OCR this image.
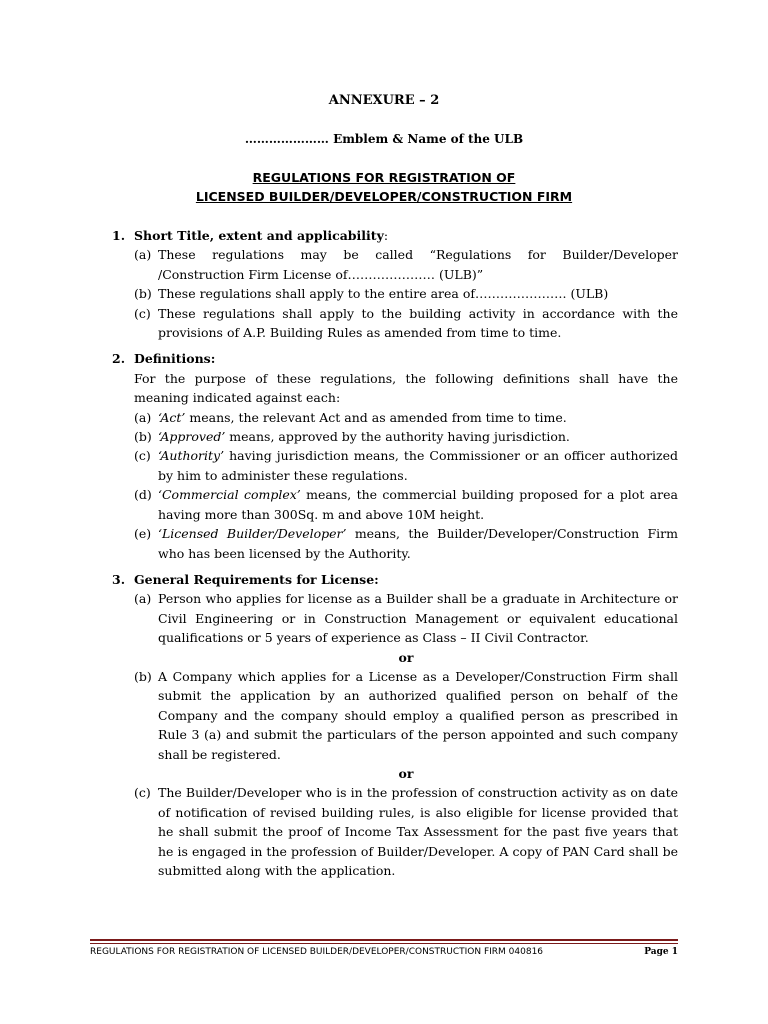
ANNEXURE – 2
………………… Emblem & Name of the ULB
REGULATIONS FOR REGISTRATION OF
LICENSED BUILDER/DEVELOPER/CONSTRUCTION FIRM
1. Short Title, extent and applicability:
(a) These regulations may be called “Regulations for Builder/Developer /Construction Firm License of………………… (ULB)”
(b) These regulations shall apply to the entire area of…………………. (ULB)
(c) These regulations shall apply to the building activity in accordance with the provisions of A.P. Building Rules as amended from time to time.
2. Definitions:
For the purpose of these regulations, the following definitions shall have the meaning indicated against each:
(a) ‘Act’ means, the relevant Act and as amended from time to time.
(b) ‘Approved’ means, approved by the authority having jurisdiction.
(c) ‘Authority’ having jurisdiction means, the Commissioner or an officer authorized by him to administer these regulations.
(d) ‘Commercial complex’ means, the commercial building proposed for a plot area having more than 300Sq. m and above 10M height.
(e) ‘Licensed Builder/Developer’ means, the Builder/Developer/Construction Firm who has been licensed by the Authority.
3. General Requirements for License:
(a) Person who applies for license as a Builder shall be a graduate in Architecture or Civil Engineering or in Construction Management or equivalent educational qualifications or 5 years of experience as Class – II Civil Contractor.
or
(b) A Company which applies for a License as a Developer/Construction Firm shall submit the application by an authorized qualified person on behalf of the Company and the company should employ a qualified person as prescribed in Rule 3 (a) and submit the particulars of the person appointed and such company shall be registered.
or
(c) The Builder/Developer who is in the profession of construction activity as on date of notification of revised building rules, is also eligible for license provided that he shall submit the proof of Income Tax Assessment for the past five years that he is engaged in the profession of Builder/Developer. A copy of PAN Card shall be submitted along with the application.
REGULATIONS FOR REGISTRATION OF LICENSED BUILDER/DEVELOPER/CONSTRUCTION FIRM 040816	Page 1
